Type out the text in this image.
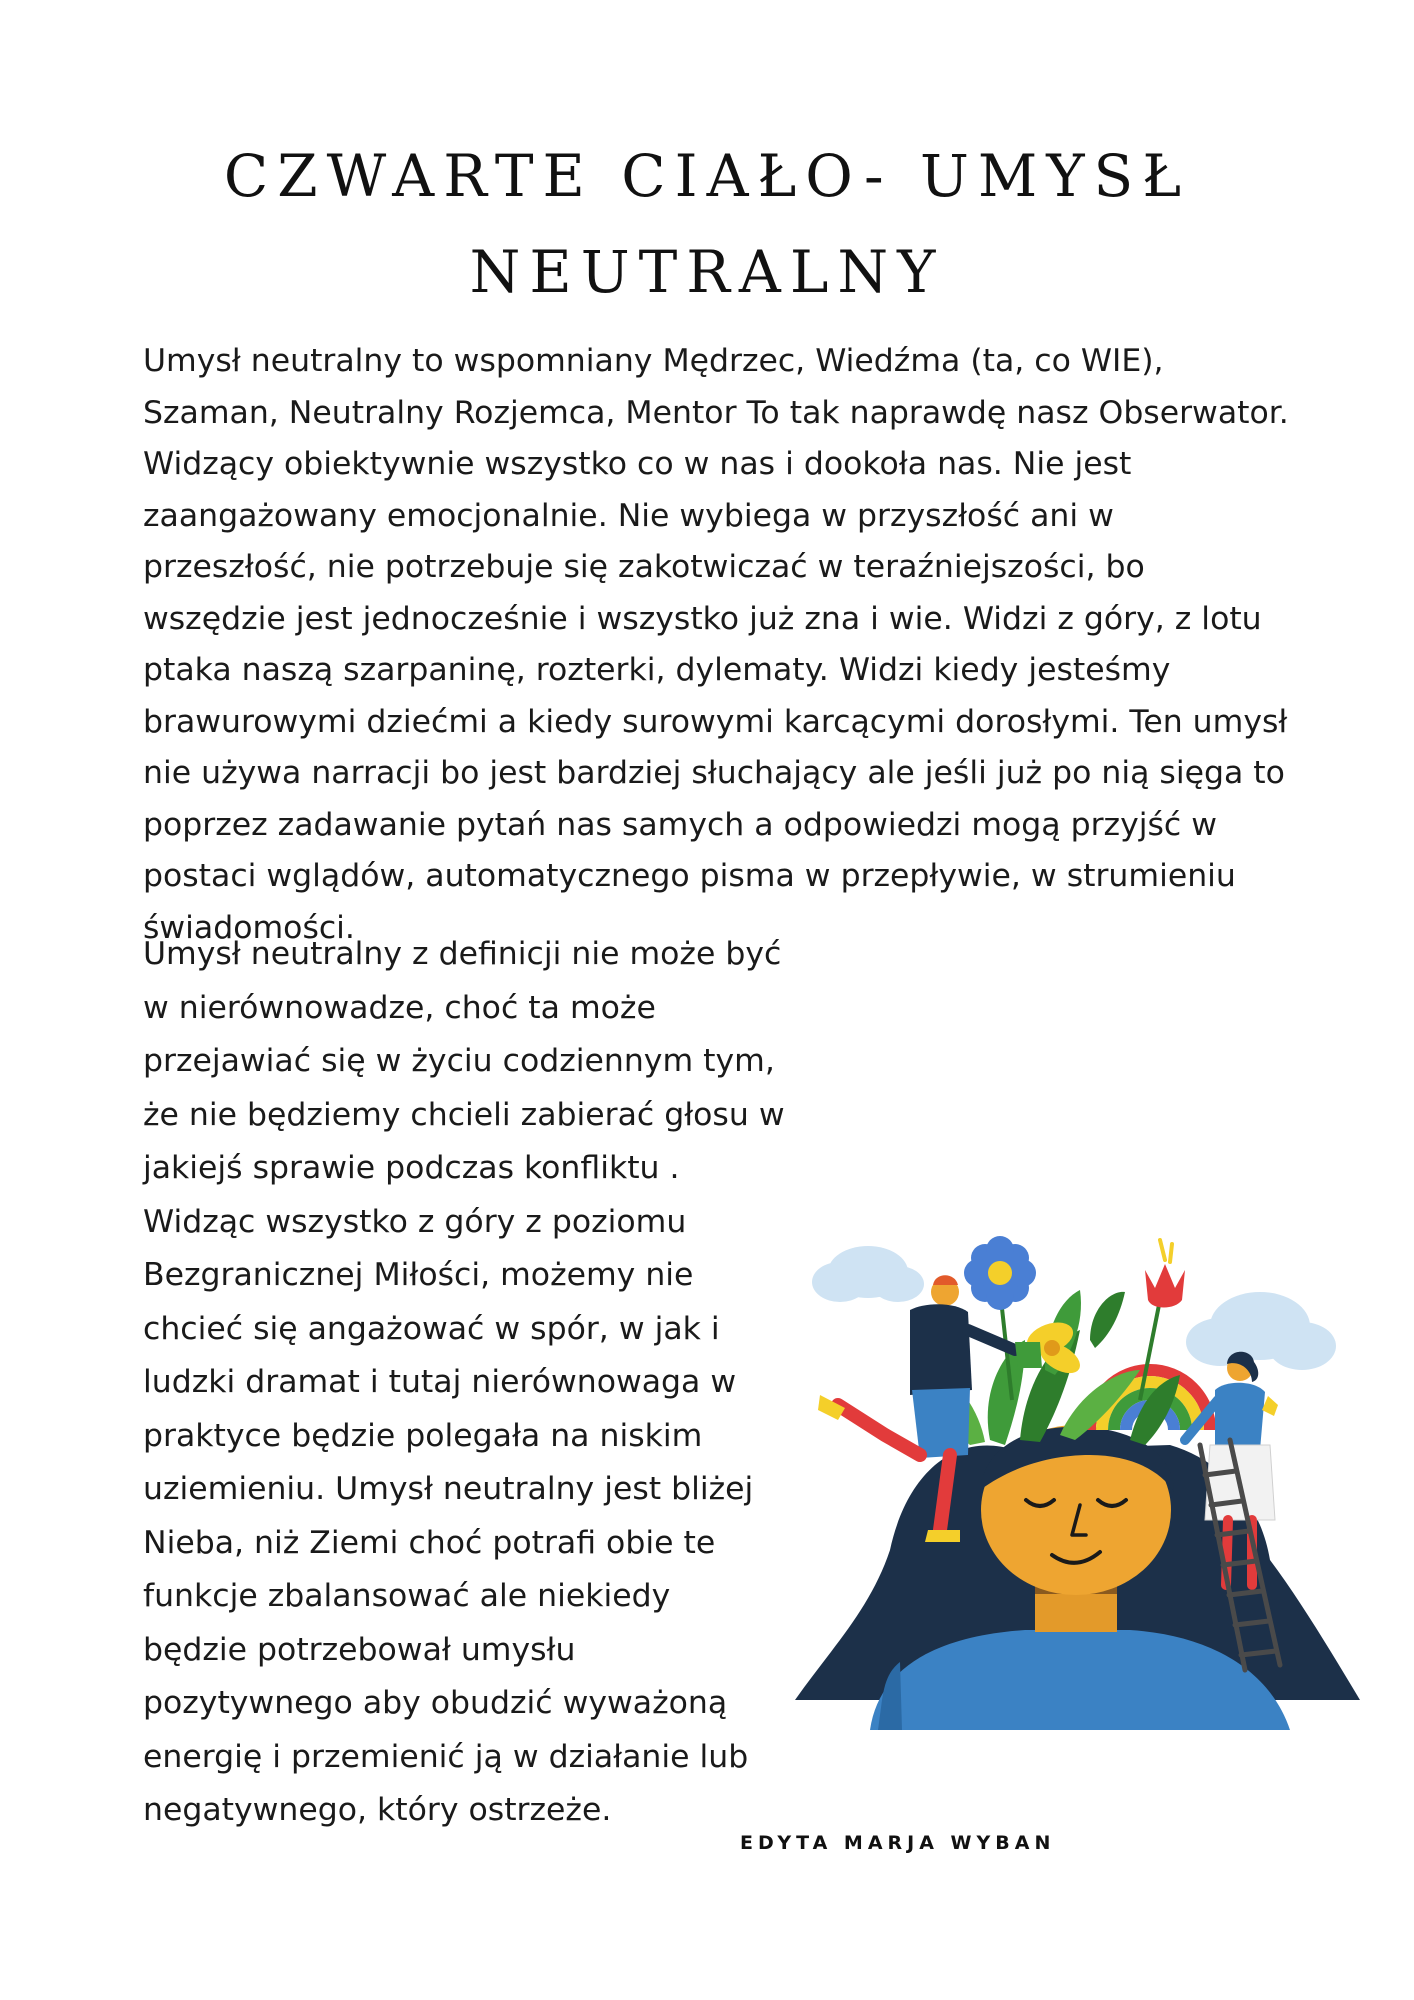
CZWARTE CIAŁO- UMYSŁ
NEUTRALNY

Umysł neutralny to wspomniany Mędrzec, Wiedźma (ta, co WIE), Szaman, Neutralny Rozjemca, Mentor To tak naprawdę nasz Obserwator. Widzący obiektywnie wszystko co w nas i dookoła nas. Nie jest zaangażowany emocjonalnie. Nie wybiega w przyszłość ani w przeszłość, nie potrzebuje się zakotwiczać w teraźniejszości, bo wszędzie jest jednocześnie i wszystko już zna i wie. Widzi z góry, z lotu ptaka naszą szarpaninę, rozterki, dylematy. Widzi kiedy jesteśmy brawurowymi dziećmi a kiedy surowymi karcącymi dorosłymi. Ten umysł nie używa narracji bo jest bardziej słuchający ale jeśli już po nią sięga to poprzez zadawanie pytań nas samych a odpowiedzi mogą przyjść w postaci wglądów, automatycznego pisma w przepływie, w strumieniu świadomości.

Umysł neutralny z definicji nie może być
w nierównowadze, choć ta może
przejawiać się w życiu codziennym tym,
że nie będziemy chcieli zabierać głosu w
jakiejś sprawie podczas konfliktu .
Widząc wszystko z góry z poziomu
Bezgranicznej Miłości, możemy nie
chcieć się angażować w spór, w jak i
ludzki dramat i tutaj nierównowaga w
praktyce będzie polegała na niskim
uziemieniu. Umysł neutralny jest bliżej
Nieba, niż Ziemi choć potrafi obie te
funkcje zbalansować ale niekiedy
będzie potrzebował umysłu
pozytywnego aby obudzić wyważoną
energię i przemienić ją w działanie lub
negatywnego, który ostrzeże.

EDYTA MARJA WYBAN
